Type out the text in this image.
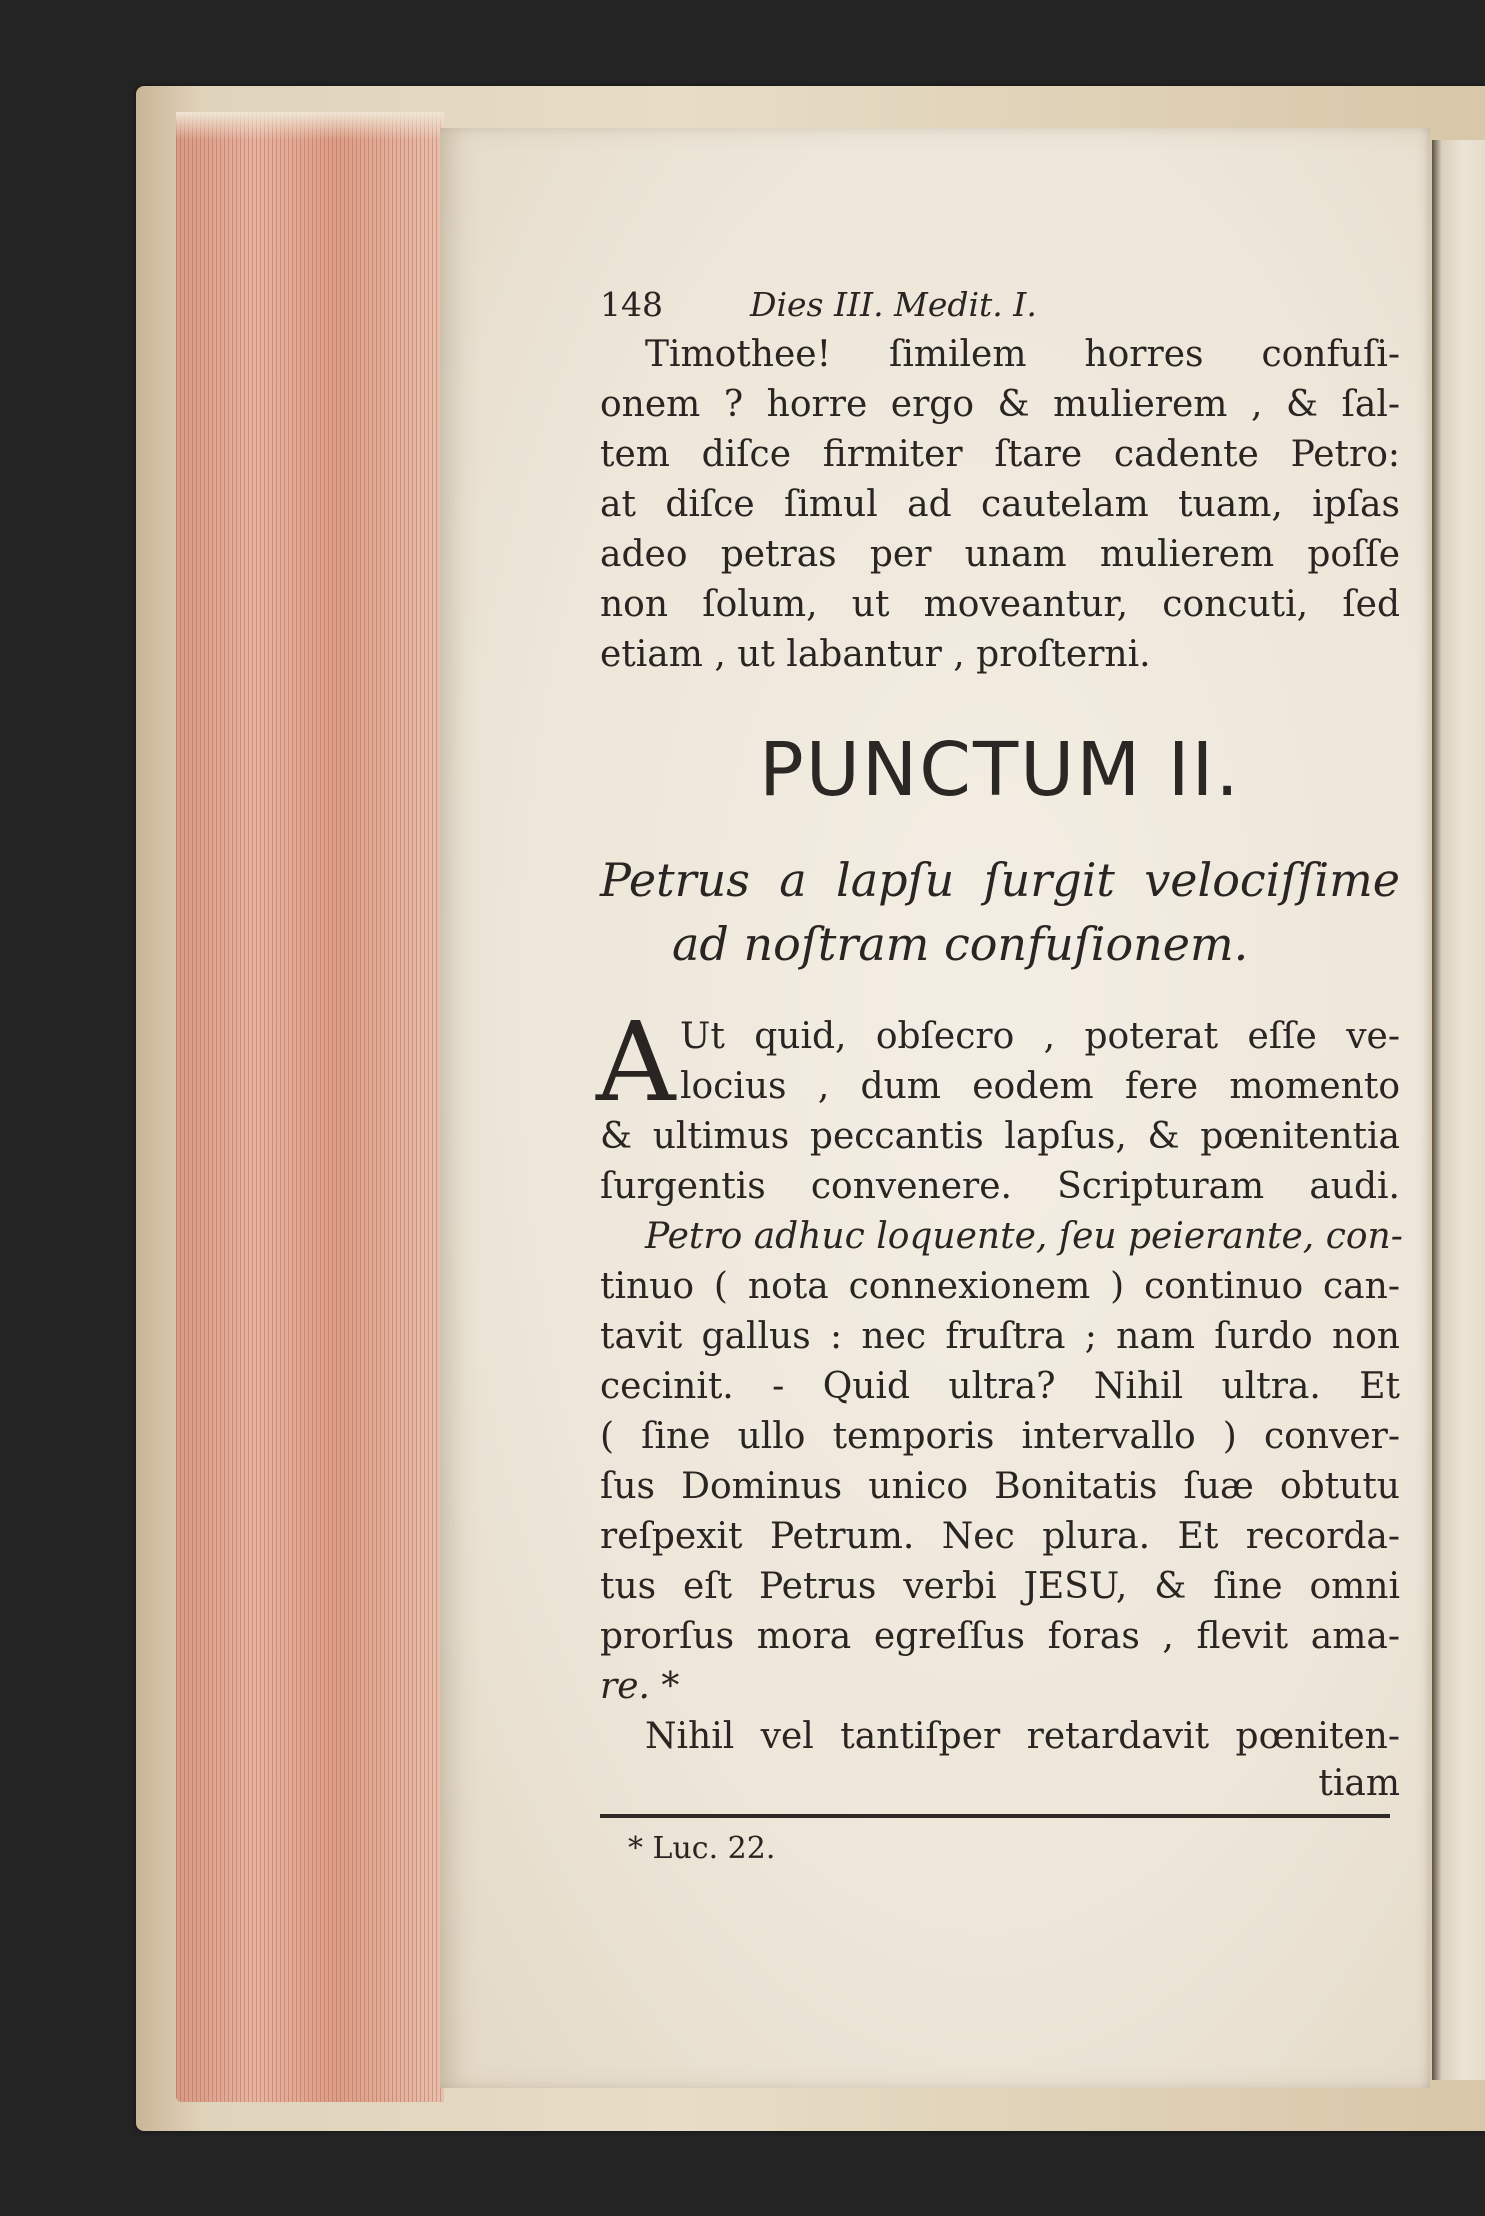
148	Dies III. Medit. I.
Timothee! ſimilem horres confuſi-
onem ? horre ergo & mulierem , & ſal-
tem diſce firmiter ſtare cadente Petro:
at diſce ſimul ad cautelam tuam, ipſas
adeo petras per unam mulierem poſſe
non ſolum, ut moveantur, concuti, ſed
etiam , ut labantur , proſterni.
PUNCTUM II.
Petrus a lapſu ſurgit velociſſime
ad noſtram confuſionem.
A Ut quid, obſecro , poterat eſſe ve-
locius , dum eodem fere momento
& ultimus peccantis lapſus, & pœnitentia
ſurgentis convenere. Scripturam audi.
Petro adhuc loquente, ſeu peierante, con-
tinuo ( nota connexionem ) continuo can-
tavit gallus : nec fruſtra ; nam ſurdo non
cecinit. - Quid ultra? Nihil ultra. Et
( ſine ullo temporis intervallo ) conver-
ſus Dominus unico Bonitatis ſuæ obtutu
reſpexit Petrum. Nec plura. Et recorda-
tus eſt Petrus verbi JESU, & ſine omni
prorſus mora egreſſus foras , flevit ama-
re. *
Nihil vel tantiſper retardavit pœniten-
tiam
* Luc. 22.
